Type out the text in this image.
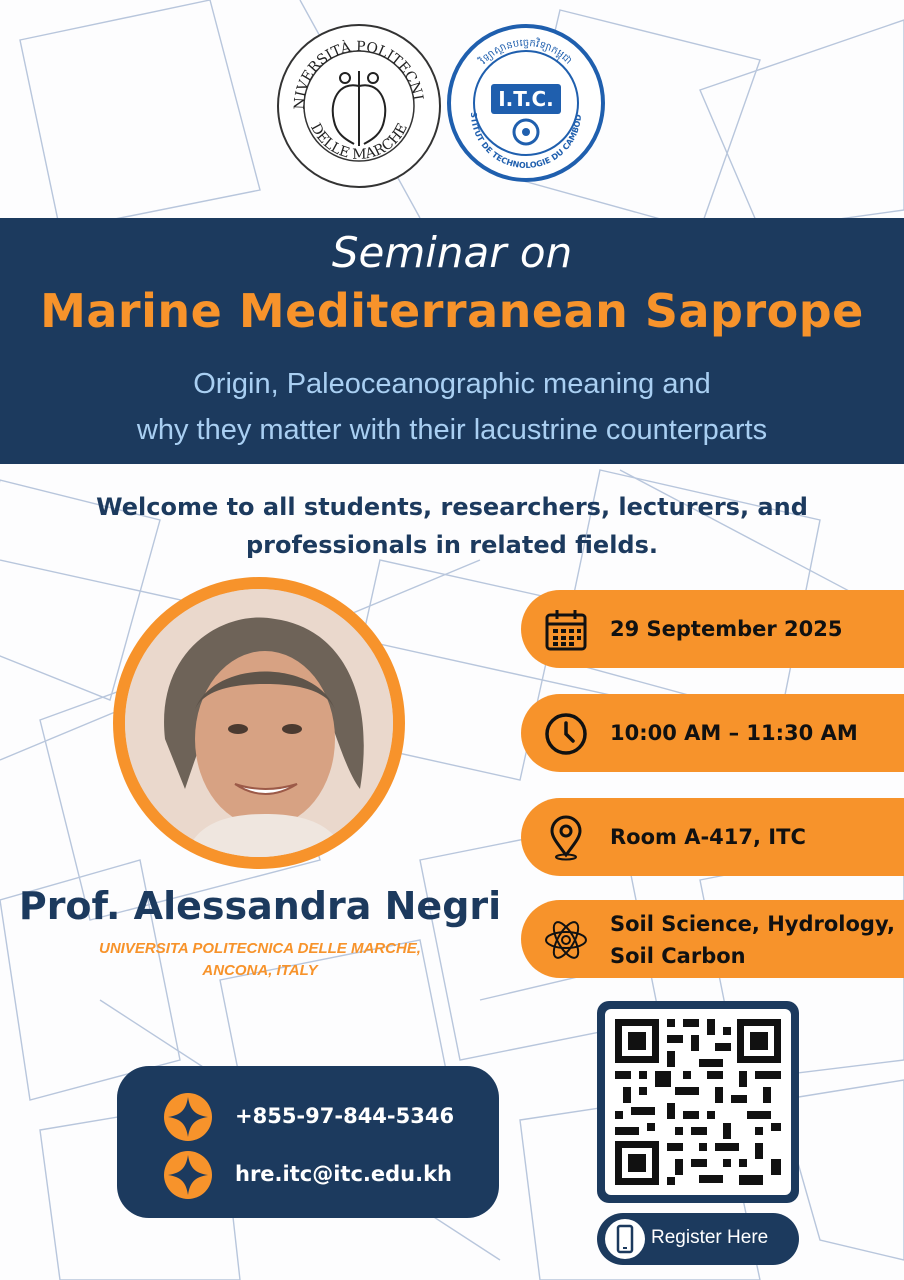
NIVERSITÀ POLITECNI
DELLE MARCHE
វិទ្យាស្ថានបច្ចេកវិទ្យាកម្ពុជា
STITUT DE TECHNOLOGIE DU CAMBOD
I.T.C.
Seminar on
Marine Mediterranean Saprope
Origin, Paleoceanographic meaning and
why they matter with their lacustrine counterparts
Welcome to all students, researchers, lecturers, and
professionals in related fields.
Prof. Alessandra Negri
UNIVERSITA POLITECNICA DELLE MARCHE,
ANCONA, ITALY
29 September 2025
10:00 AM – 11:30 AM
Room A-417, ITC
Soil Science, Hydrology,
Soil Carbon
+855-97-844-5346
hre.itc@itc.edu.kh
Register Here
